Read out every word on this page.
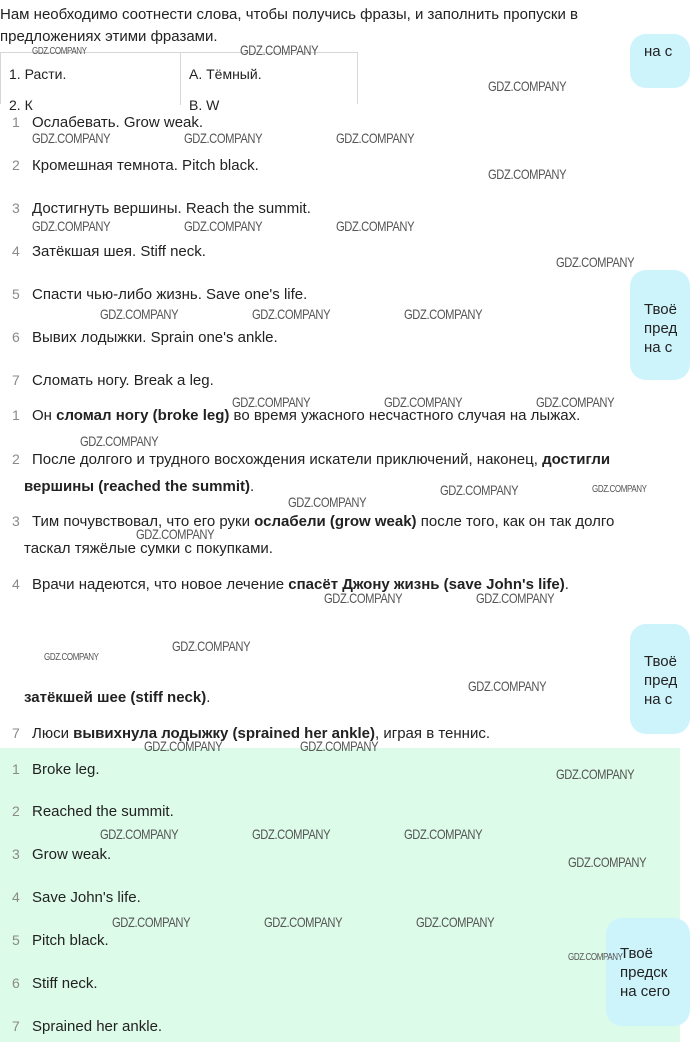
Нам необходимо соотнести слова, чтобы получись фразы, и заполнить пропуски в предложениях этими фразами.
1. Расти.	A. Тёмный.
2. К	B. W
на с
1 Ослабевать. Grow weak.
2 Кромешная темнота. Pitch black.
3 Достигнуть вершины. Reach the summit.
4 Затёкшая шея. Stiff neck.
5 Спасти чью-либо жизнь. Save one's life.
6 Вывих лодыжки. Sprain one's ankle.
7 Сломать ногу. Break a leg.
Твоё
пред
на с
1 Он сломал ногу (broke leg) во время ужасного несчастного случая на лыжах.
2 После долгого и трудного восхождения искатели приключений, наконец, достигли
вершины (reached the summit).
3 Тим почувствовал, что его руки ослабели (grow weak) после того, как он так долго
таскал тяжёлые сумки с покупками.
4 Врачи надеются, что новое лечение спасёт Джону жизнь (save John's life).
затёкшей шее (stiff neck).
7 Люси вывихнула лодыжку (sprained her ankle), играя в теннис.
Твоё
пред
на с
1 Broke leg.
2 Reached the summit.
3 Grow weak.
4 Save John's life.
5 Pitch black.
6 Stiff neck.
7 Sprained her ankle.
Твоё
предск
на сего
GDZ.COMPANY	GDZ.COMPANY
GDZ.COMPANY
GDZ.COMPANY	GDZ.COMPANY	GDZ.COMPANY
GDZ.COMPANY
GDZ.COMPANY	GDZ.COMPANY	GDZ.COMPANY
GDZ.COMPANY
GDZ.COMPANY	GDZ.COMPANY	GDZ.COMPANY
GDZ.COMPANY	GDZ.COMPANY	GDZ.COMPANY
GDZ.COMPANY
GDZ.COMPANY	GDZ.COMPANY
GDZ.COMPANY
GDZ.COMPANY
GDZ.COMPANY	GDZ.COMPANY
GDZ.COMPANY
GDZ.COMPANY
GDZ.COMPANY
GDZ.COMPANY	GDZ.COMPANY
GDZ.COMPANY
GDZ.COMPANY	GDZ.COMPANY	GDZ.COMPANY
GDZ.COMPANY
GDZ.COMPANY	GDZ.COMPANY	GDZ.COMPANY
GDZ.COMPANY
